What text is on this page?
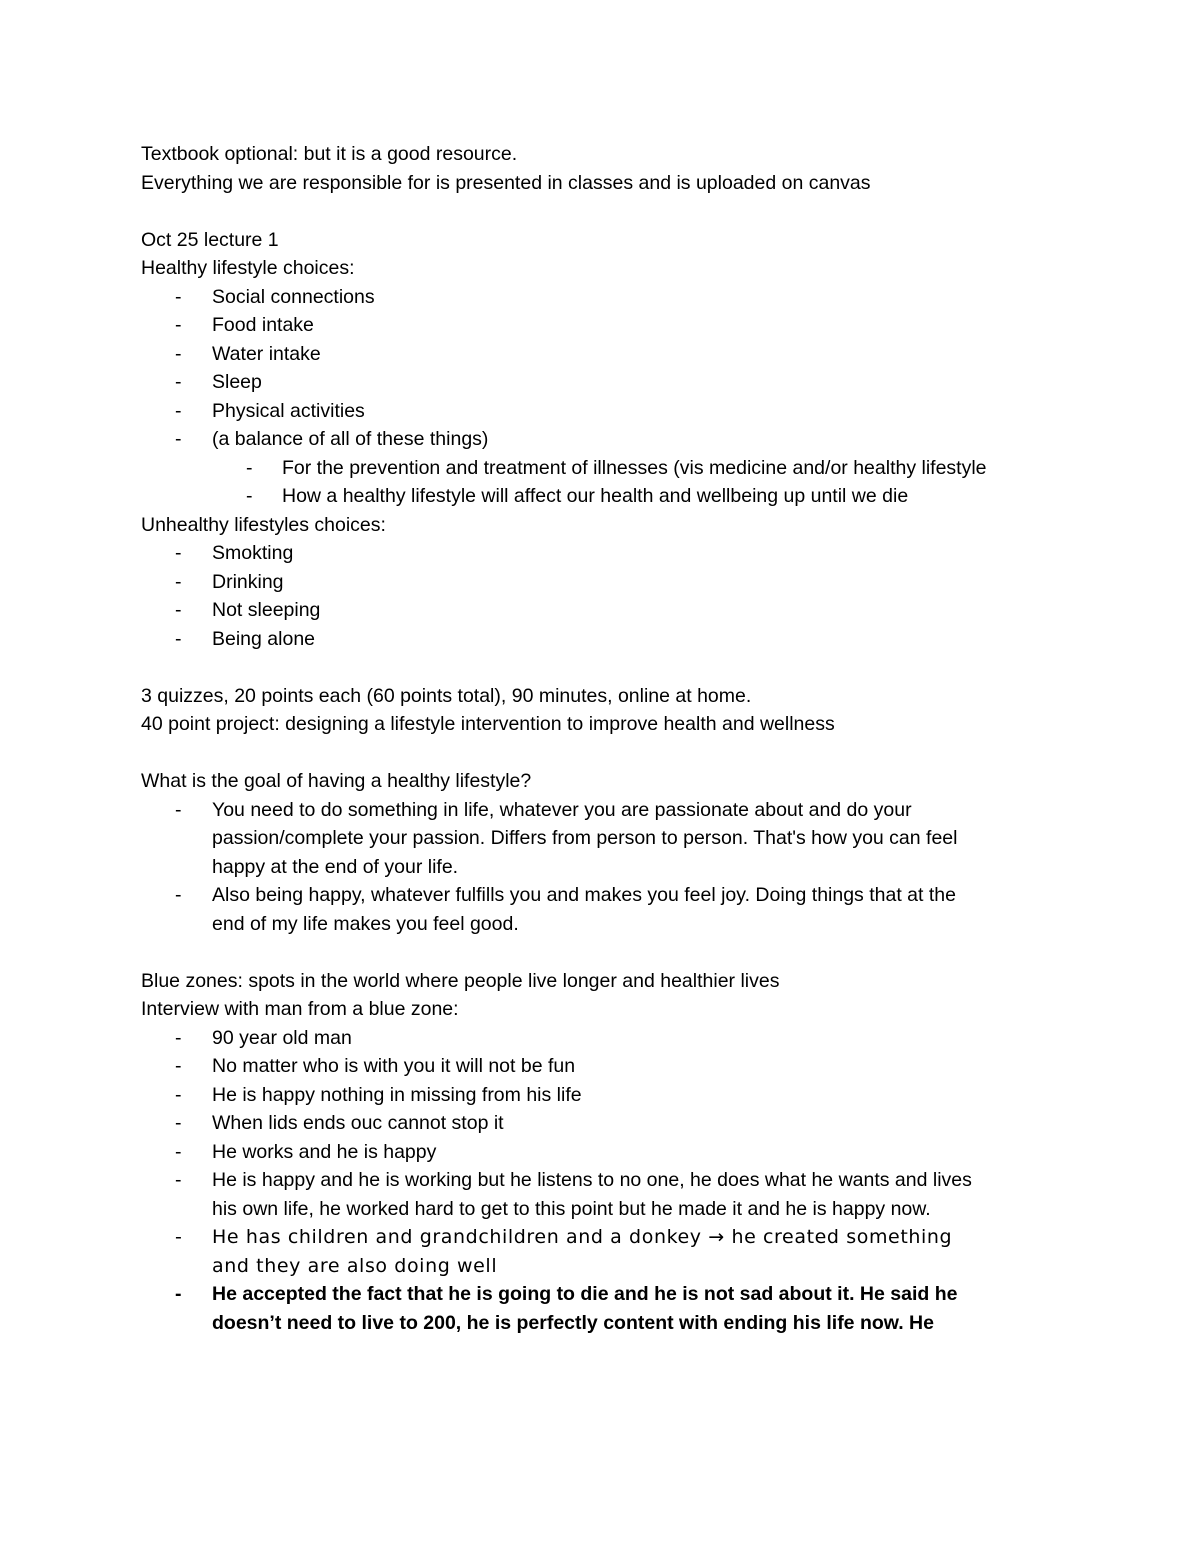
Textbook optional: but it is a good resource.

Everything we are responsible for is presented in classes and is uploaded on canvas

Oct 25 lecture 1

Healthy lifestyle choices:

- Social connections
- Food intake
- Water intake
- Sleep
- Physical activities
- (a balance of all of these things)
- For the prevention and treatment of illnesses (vis medicine and/or healthy lifestyle
- How a healthy lifestyle will affect our health and wellbeing up until we die

Unhealthy lifestyles choices:

- Smokting
- Drinking
- Not sleeping
- Being alone

3 quizzes, 20 points each (60 points total), 90 minutes, online at home.

40 point project: designing a lifestyle intervention to improve health and wellness

What is the goal of having a healthy lifestyle?

- You need to do something in life, whatever you are passionate about and do your passion/complete your passion. Differs from person to person. That's how you can feel happy at the end of your life.
- Also being happy, whatever fulfills you and makes you feel joy. Doing things that at the end of my life makes you feel good.

Blue zones: spots in the world where people live longer and healthier lives

Interview with man from a blue zone:

- 90 year old man
- No matter who is with you it will not be fun
- He is happy nothing in missing from his life
- When lids ends ouc cannot stop it
- He works and he is happy
- He is happy and he is working but he listens to no one, he does what he wants and lives his own life, he worked hard to get to this point but he made it and he is happy now.
- He has children and grandchildren and a donkey → he created something and they are also doing well
- He accepted the fact that he is going to die and he is not sad about it. He said he doesn’t need to live to 200, he is perfectly content with ending his life now. He
